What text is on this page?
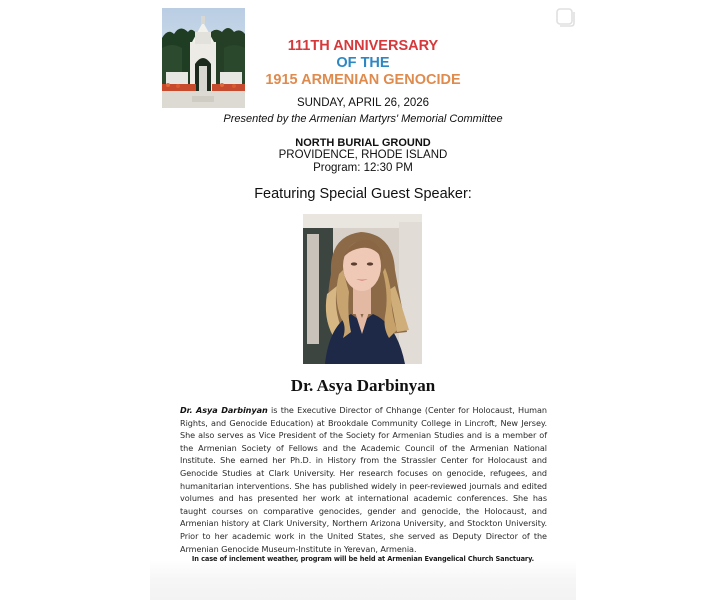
111TH ANNIVERSARY
OF THE
1915 ARMENIAN GENOCIDE
SUNDAY, APRIL 26, 2026
Presented by the Armenian Martyrs' Memorial Committee
NORTH BURIAL GROUND
PROVIDENCE, RHODE ISLAND
Program: 12:30 PM
Featuring Special Guest Speaker:
Dr. Asya Darbinyan
Dr. Asya Darbinyan is the Executive Director of Chhange (Center for Holocaust, Human Rights, and Genocide Education) at Brookdale Community College in Lincroft, New Jersey. She also serves as Vice President of the Society for Armenian Studies and is a member of the Armenian Society of Fellows and the Academic Council of the Armenian National Institute. She earned her Ph.D. in History from the Strassler Center for Holocaust and Genocide Studies at Clark University. Her research focuses on genocide, refugees, and humanitarian interventions. She has published widely in peer-reviewed journals and edited volumes and has presented her work at international academic conferences. She has taught courses on comparative genocides, gender and genocide, the Holocaust, and Armenian history at Clark University, Northern Arizona University, and Stockton University. Prior to her academic work in the United States, she served as Deputy Director of the Armenian Genocide Museum-Institute in Yerevan, Armenia.
In case of inclement weather, program will be held at Armenian Evangelical Church Sanctuary.
